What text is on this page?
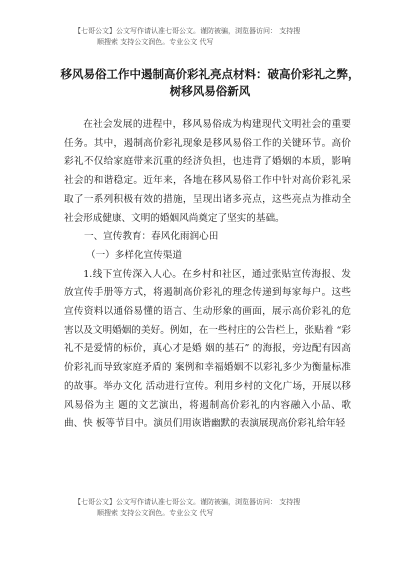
【七哥公文】公文写作请认准七哥公文。谨防被骗，浏览器访问： 支持搜
顺搜索 支持公文润色。专业公文 代写
移风易俗工作中遏制高价彩礼亮点材料：破高价彩礼之弊，
树移风易俗新风

在社会发展的进程中，移风易俗成为构建现代文明社会的重要任务。其中，遏制高价彩礼现象是移风易俗工作的关键环节。高价彩礼不仅给家庭带来沉重的经济负担，也违背了婚姻的本质，影响社会的和谐稳定。近年来，各地在移风易俗工作中针对高价彩礼采取了一系列积极有效的措施，呈现出诸多亮点，这些亮点为推动全社会形成健康、文明的婚姻风尚奠定了坚实的基础。

一、宣传教育：春风化雨润心田

（一）多样化宣传渠道

1.线下宣传深入人心。在乡村和社区，通过张贴宣传海报、发放宣传手册等方式，将遏制高价彩礼的理念传递到每家每户。这些宣传资料以通俗易懂的语言、生动形象的画面，展示高价彩礼的危害以及文明婚姻的美好。例如，在一些村庄的公告栏上，张贴着 “彩礼不是爱情的标价，真心才是婚 姻的基石” 的海报，旁边配有因高价彩礼而导致家庭矛盾的 案例和幸福婚姻不以彩礼多少为衡量标准的故事。举办文化 活动进行宣传。利用乡村的文化广场，开展以移风易俗为主 题的文艺演出，将遏制高价彩礼的内容融入小品、歌曲、快 板等节目中。演员们用诙谐幽默的表演展现高价彩礼给年轻

【七哥公文】公文写作请认准七哥公文。谨防被骗，浏览器访问： 支持搜
顺搜索 支持公文润色。专业公文 代写
